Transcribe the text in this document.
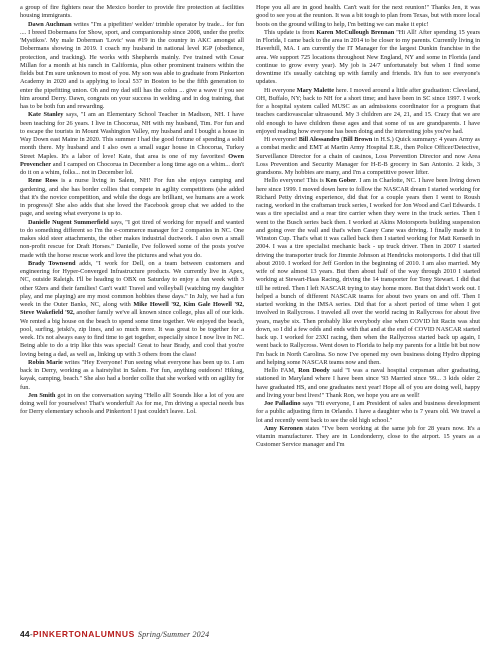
a group of fire fighters near the Mexico border to provide fire protection at facilities housing immigrants.

Dawn Auchman writes "I'm a pipefitter/ welder/ trimble operator by trade... for fun .... I breed Dobermans for Show, sport, and companionship since 2008, under the prefix 'Mystikos'. My male Doberman 'Lovic' was #19 in the country in AKC amongst all Dobermans showing in 2019. I coach my husband in national level IGP (obedience, protection, and tracking). He works with Shepherds mainly. I've trained with Cesar Millan for a month at his ranch in California, plus other prominent trainers within the fields but I'm sure unknown to most of you. My son was able to graduate from Pinkerton Academy in 2020 and is applying to local 537 in Boston to be the fifth generation to enter the pipefitting union. Oh and my dad still has the cobra ... give a wave if you see him around Derry. Dawn, congrats on your success in welding and in dog training, that has to be both fun and rewarding.

Kate Stanley says, "I am an Elementary School Teacher in Madison, NH. I have been teaching for 26 years. I live in Chocorua, NH with my husband, Tim. For fun and to escape the tourists in Mount Washington Valley, my husband and I bought a house in Way Down east Maine in 2020. This summer I had the good fortune of spending a solid month there. My husband and I also own a small sugar house in Chocorua, Turkey Street Maples. It's a labor of love! Kate, that area is one of my favorites! Owen Provencher and I camped on Chocorua in December a long time ago on a whim... don't do it on a whim, folks... not in December lol.

Rene Ross is a nurse living in Salem, NH! For fun she enjoys camping and gardening, and she has border collies that compete in agility competitions (she added that it's the novice competition, and while the dogs are brilliant, we humans are a work in progress)! She also adds that she loved the Facebook group chat we added to the page, and seeing what everyone is up to.

Danielle Nugent Summerfield says, "I got tired of working for myself and wanted to do something different so I'm the e-commerce manager for 2 companies in NC. One makes skid steer attachments, the other makes industrial ductwork. I also own a small non-profit rescue for Draft Horses." Danielle, I've followed some of the posts you've made with the horse rescue work and love the pictures and what you do.

Brady Townsend adds, "I work for Dell, on a team between customers and engineering for Hyper-Converged Infrastructure products. We currently live in Apex, NC, outside Raleigh. I'll be heading to OBX on Saturday to enjoy a fun week with 3 other 92ers and their families! Can't wait! Travel and volleyball (watching my daughter play, and me playing) are my most common hobbies these days." In July, we had a fun week in the Outer Banks, NC, along with Mike Howell '92, Kim Gale Howell '92, Steve Wakefield '92, another family we've all known since college, plus all of our kids. We rented a big house on the beach to spend some time together. We enjoyed the beach, pool, surfing, jetski's, zip lines, and so much more. It was great to be together for a week. It's not always easy to find time to get together, especially since I now live in NC. Being able to do a trip like this was special! Great to hear Brady, and cool that you're loving being a dad, as well as, linking up with 3 others from the class!

Robin Marie writes "Hey Everyone! Fun seeing what everyone has been up to. I am back in Derry, working as a hairstylist in Salem. For fun, anything outdoors! Hiking, kayak, camping, beach." She also had a border collie that she worked with on agility for fun.

Jen Smith got in on the conversation saying "Hello all! Sounds like a lot of you are doing well for yourselves! That's wonderful! As for me, I'm driving a special needs bus for Derry elementary schools and Pinkerton! I just couldn't leave. Lol.

Hope you all are in good health. Can't wait for the next reunion!" Thanks Jen, it was good to see you at the reunion. It was a bit tough to plan from Texas, but with more local boots on the ground willing to help, I'm betting we can make it epic!

This update is from Karen McCullough Brennan "Hi All! After spending 15 years in Florida, I came back to the area in 2014 to be closer to my parents. Currently living in Haverhill, MA. I am currently the IT Manager for the largest Dunkin franchise in the area. We support 725 locations throughout New England, NY and some in Florida (and continue to grow every year). My job is 24/7 unfortunately but when I find some downtime it's usually catching up with family and friends. It's fun to see everyone's updates.

Hi everyone Mary Malette here. I moved around a little after graduation: Cleveland, OH, Buffalo, NY; back to NH for a short time; and have been in SC since 1997. I work for a hospital system called MUSC as an admissions coordinator for a program that teaches cardiovascular ultrasound. My 3 children are 24, 21, and 15. Crazy that we are old enough to have children these ages and that some of us are grandparents. I have enjoyed reading how everyone has been doing and the interesting jobs you've had.

Hi everyone! Bill Alessandro (Bill Brown in H.S.) Quick summary: 4 years Army as a combat medic and EMT at Martin Army Hospital E.R., then Police Officer/Detective, Surveillance Director for a chain of casinos, Loss Prevention Director and now Area Loss Prevention and Security Manager for H-E-B grocery in San Antonio. 2 kids, 3 grandsons. My hobbies are many, and I'm a competitive power lifter.

Hello everyone! This is Ken Gober. I am in Charlotte, NC. I have been living down here since 1999. I moved down here to follow the NASCAR dream I started working for Richard Petty driving experience, did that for a couple years then I went to Roush racing, worked in the craftsman truck series, I worked for Jon Wood and Carl Edwards. I was a tire specialist and a rear tire carrier when they were in the truck series. Then I went to the Busch series back then. I worked at Akins Motorsports building suspension and going over the wall and that's when Casey Cane was driving. I finally made it to Winston Cup. That's what it was called back then I started working for Matt Kenseth in 2004. I was a tire specialist mechanic back - up truck driver. Then in 2007 I started driving the transporter truck for Jimmie Johnson at Hendricks motorsports. I did that till about 2010. I worked for Jeff Gordon in the beginning of 2010. I am also married. My wife of now almost 13 years. But then about half of the way through 2010 I started working at Stewart-Haas Racing, driving the 14 transporter for Tony Stewart. I did that till he retired. Then I left NASCAR trying to stay home more. But that didn't work out. I helped a bunch of different NASCAR teams for about two years on and off. Then I started working in the IMSA series. Did that for a short period of time when I got involved in Rallycross. I traveled all over the world racing in Rallycross for about five years, maybe six. Then probably like everybody else when COVID hit Racin was shut down, so I did a few odds and ends with that and at the end of COVID NASCAR started back up. I worked for 23XI racing, then when the Rallycross started back up again, I went back to Rallycross. Went down to Florida to help my parents for a little bit but now I'm back in North Carolina. So now I've opened my own business doing Hydro dipping and helping some NASCAR teams now and then.

Hello FAM, Ron Doody said "I was a naval hospital corpsman after graduating, stationed in Maryland where I have been since '93 Married since '99... 3 kids older 2 have graduated HS, and one graduates next year! Hope all of you are doing well, happy and living your best lives!" Thank Ron, we hope you are as well!

Joe Palladino says "Hi everyone, I am President of sales and business development for a public adjusting firm in Orlando. I have a daughter who is 7 years old. We travel a lot and recently went back to see the old high school."

Amy Keronen states "I've been working at the same job for 28 years now. It's a vitamin manufacturer. They are in Londonderry, close to the airport. 15 years as a Customer Service manager and I'm

44 - PINKERTON ALUMNUS Spring/Summer 2024
